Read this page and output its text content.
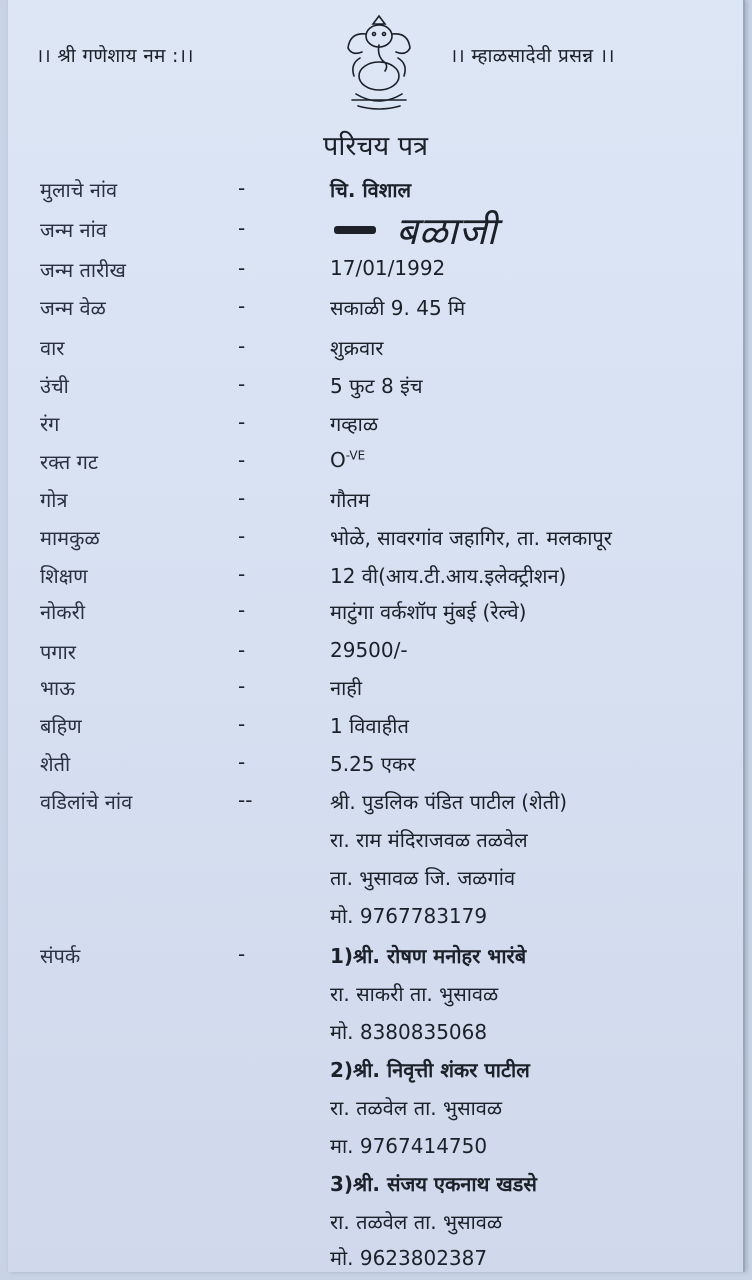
।। श्री गणेशाय नम :।।	।। म्हाळसादेवी प्रसन्न ।।
परिचय पत्र
मुलाचे नांव	-	चि. विशाल
जन्म नांव	-	बळाजी
जन्म तारीख	-	17/01/1992
जन्म वेळ	-	सकाळी 9. 45 मि
वार	-	शुक्रवार
उंची	-	5 फुट 8 इंच
रंग	-	गव्हाळ
रक्त गट	-	$O^{-VE}$
गोत्र	-	गौतम
मामकुळ	-	भोळे, सावरगांव जहागिर, ता. मलकापूर
शिक्षण	-	12 वी(आय.टी.आय.इलेक्ट्रीशन)
नोकरी	-	माटुंगा वर्कशॉप मुंबई (रेल्वे)
पगार	-	29500/-
भाऊ	-	नाही
बहिण	-	1 विवाहीत
शेती	-	5.25 एकर
वडिलांचे नांव	--	श्री. पुडलिक पंडित पाटील (शेती)
रा. राम मंदिराजवळ तळवेल
ता. भुसावळ जि. जळगांव
मो. 9767783179
संपर्क	-	1)श्री. रोषण मनोहर भारंबे
रा. साकरी ता. भुसावळ
मो. 8380835068
2)श्री. निवृत्ती शंकर पाटील
रा. तळवेल ता. भुसावळ
मा. 9767414750
3)श्री. संजय एकनाथ खडसे
रा. तळवेल ता. भुसावळ
मो. 9623802387
